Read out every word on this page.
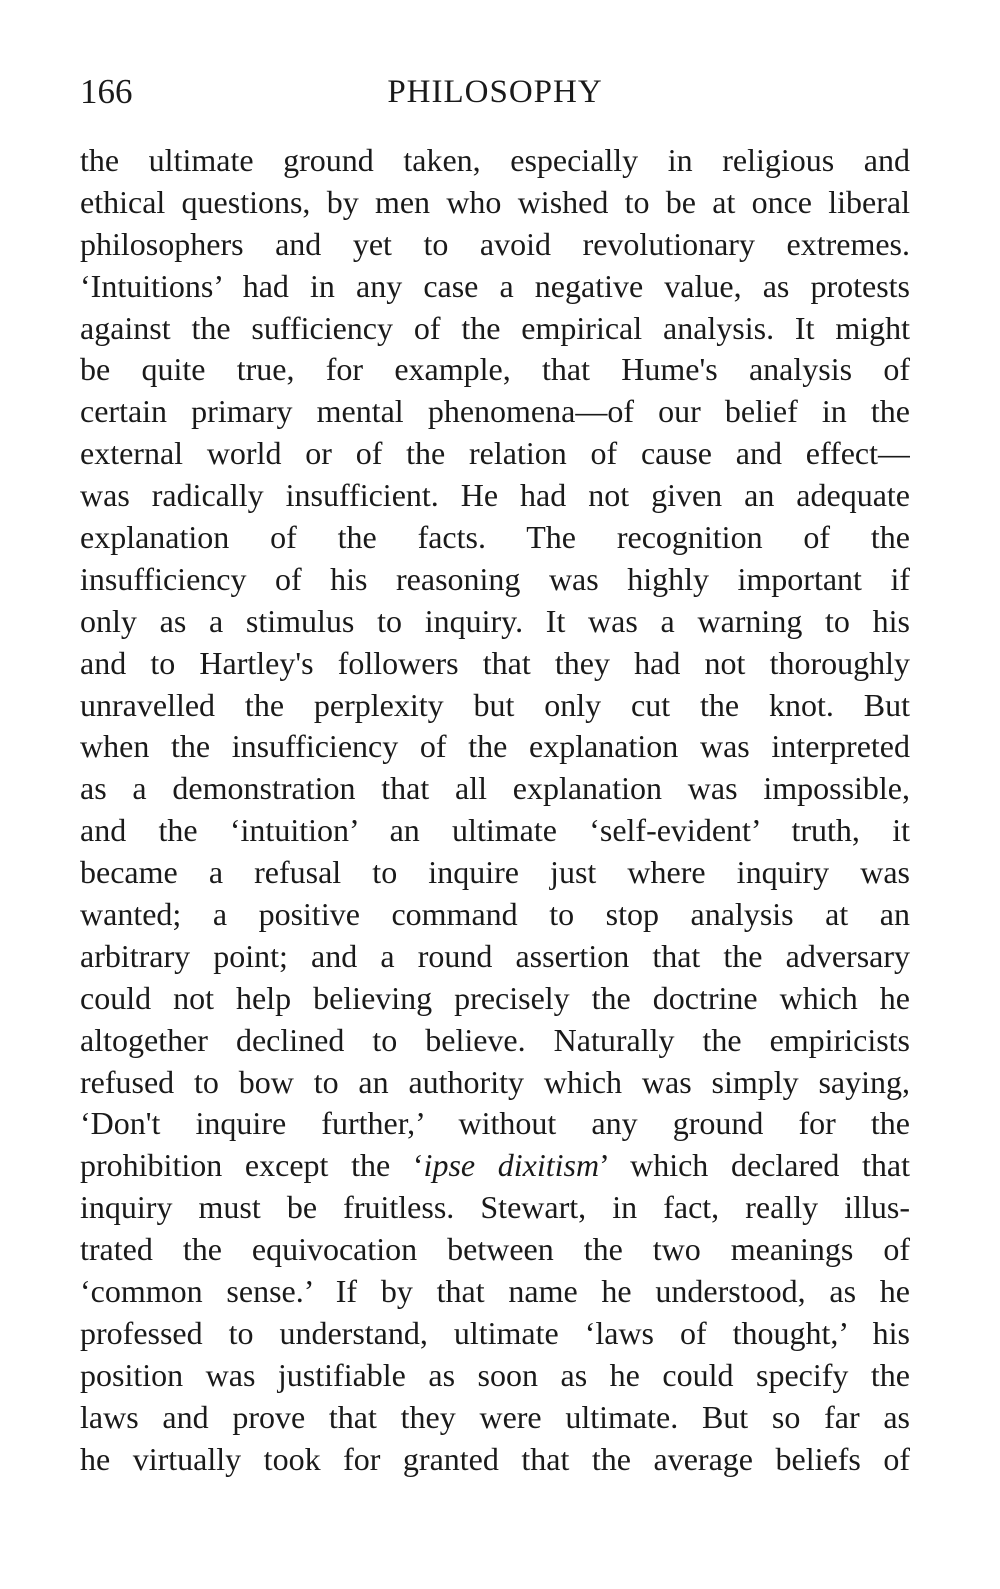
166	PHILOSOPHY
the ultimate ground taken, especially in religious and
ethical questions, by men who wished to be at once liberal
philosophers and yet to avoid revolutionary extremes.
‘Intuitions’ had in any case a negative value, as protests
against the sufficiency of the empirical analysis. It might
be quite true, for example, that Hume's analysis of
certain primary mental phenomena—of our belief in the
external world or of the relation of cause and effect—
was radically insufficient. He had not given an adequate
explanation of the facts. The recognition of the
insufficiency of his reasoning was highly important if
only as a stimulus to inquiry. It was a warning to his
and to Hartley's followers that they had not thoroughly
unravelled the perplexity but only cut the knot. But
when the insufficiency of the explanation was interpreted
as a demonstration that all explanation was impossible,
and the ‘intuition’ an ultimate ‘self-evident’ truth, it
became a refusal to inquire just where inquiry was
wanted; a positive command to stop analysis at an
arbitrary point; and a round assertion that the adversary
could not help believing precisely the doctrine which he
altogether declined to believe. Naturally the empiricists
refused to bow to an authority which was simply saying,
‘Don't inquire further,’ without any ground for the
prohibition except the ‘ipse dixitism’ which declared that
inquiry must be fruitless. Stewart, in fact, really illus-
trated the equivocation between the two meanings of
‘common sense.’ If by that name he understood, as he
professed to understand, ultimate ‘laws of thought,’ his
position was justifiable as soon as he could specify the
laws and prove that they were ultimate. But so far as
he virtually took for granted that the average beliefs of
